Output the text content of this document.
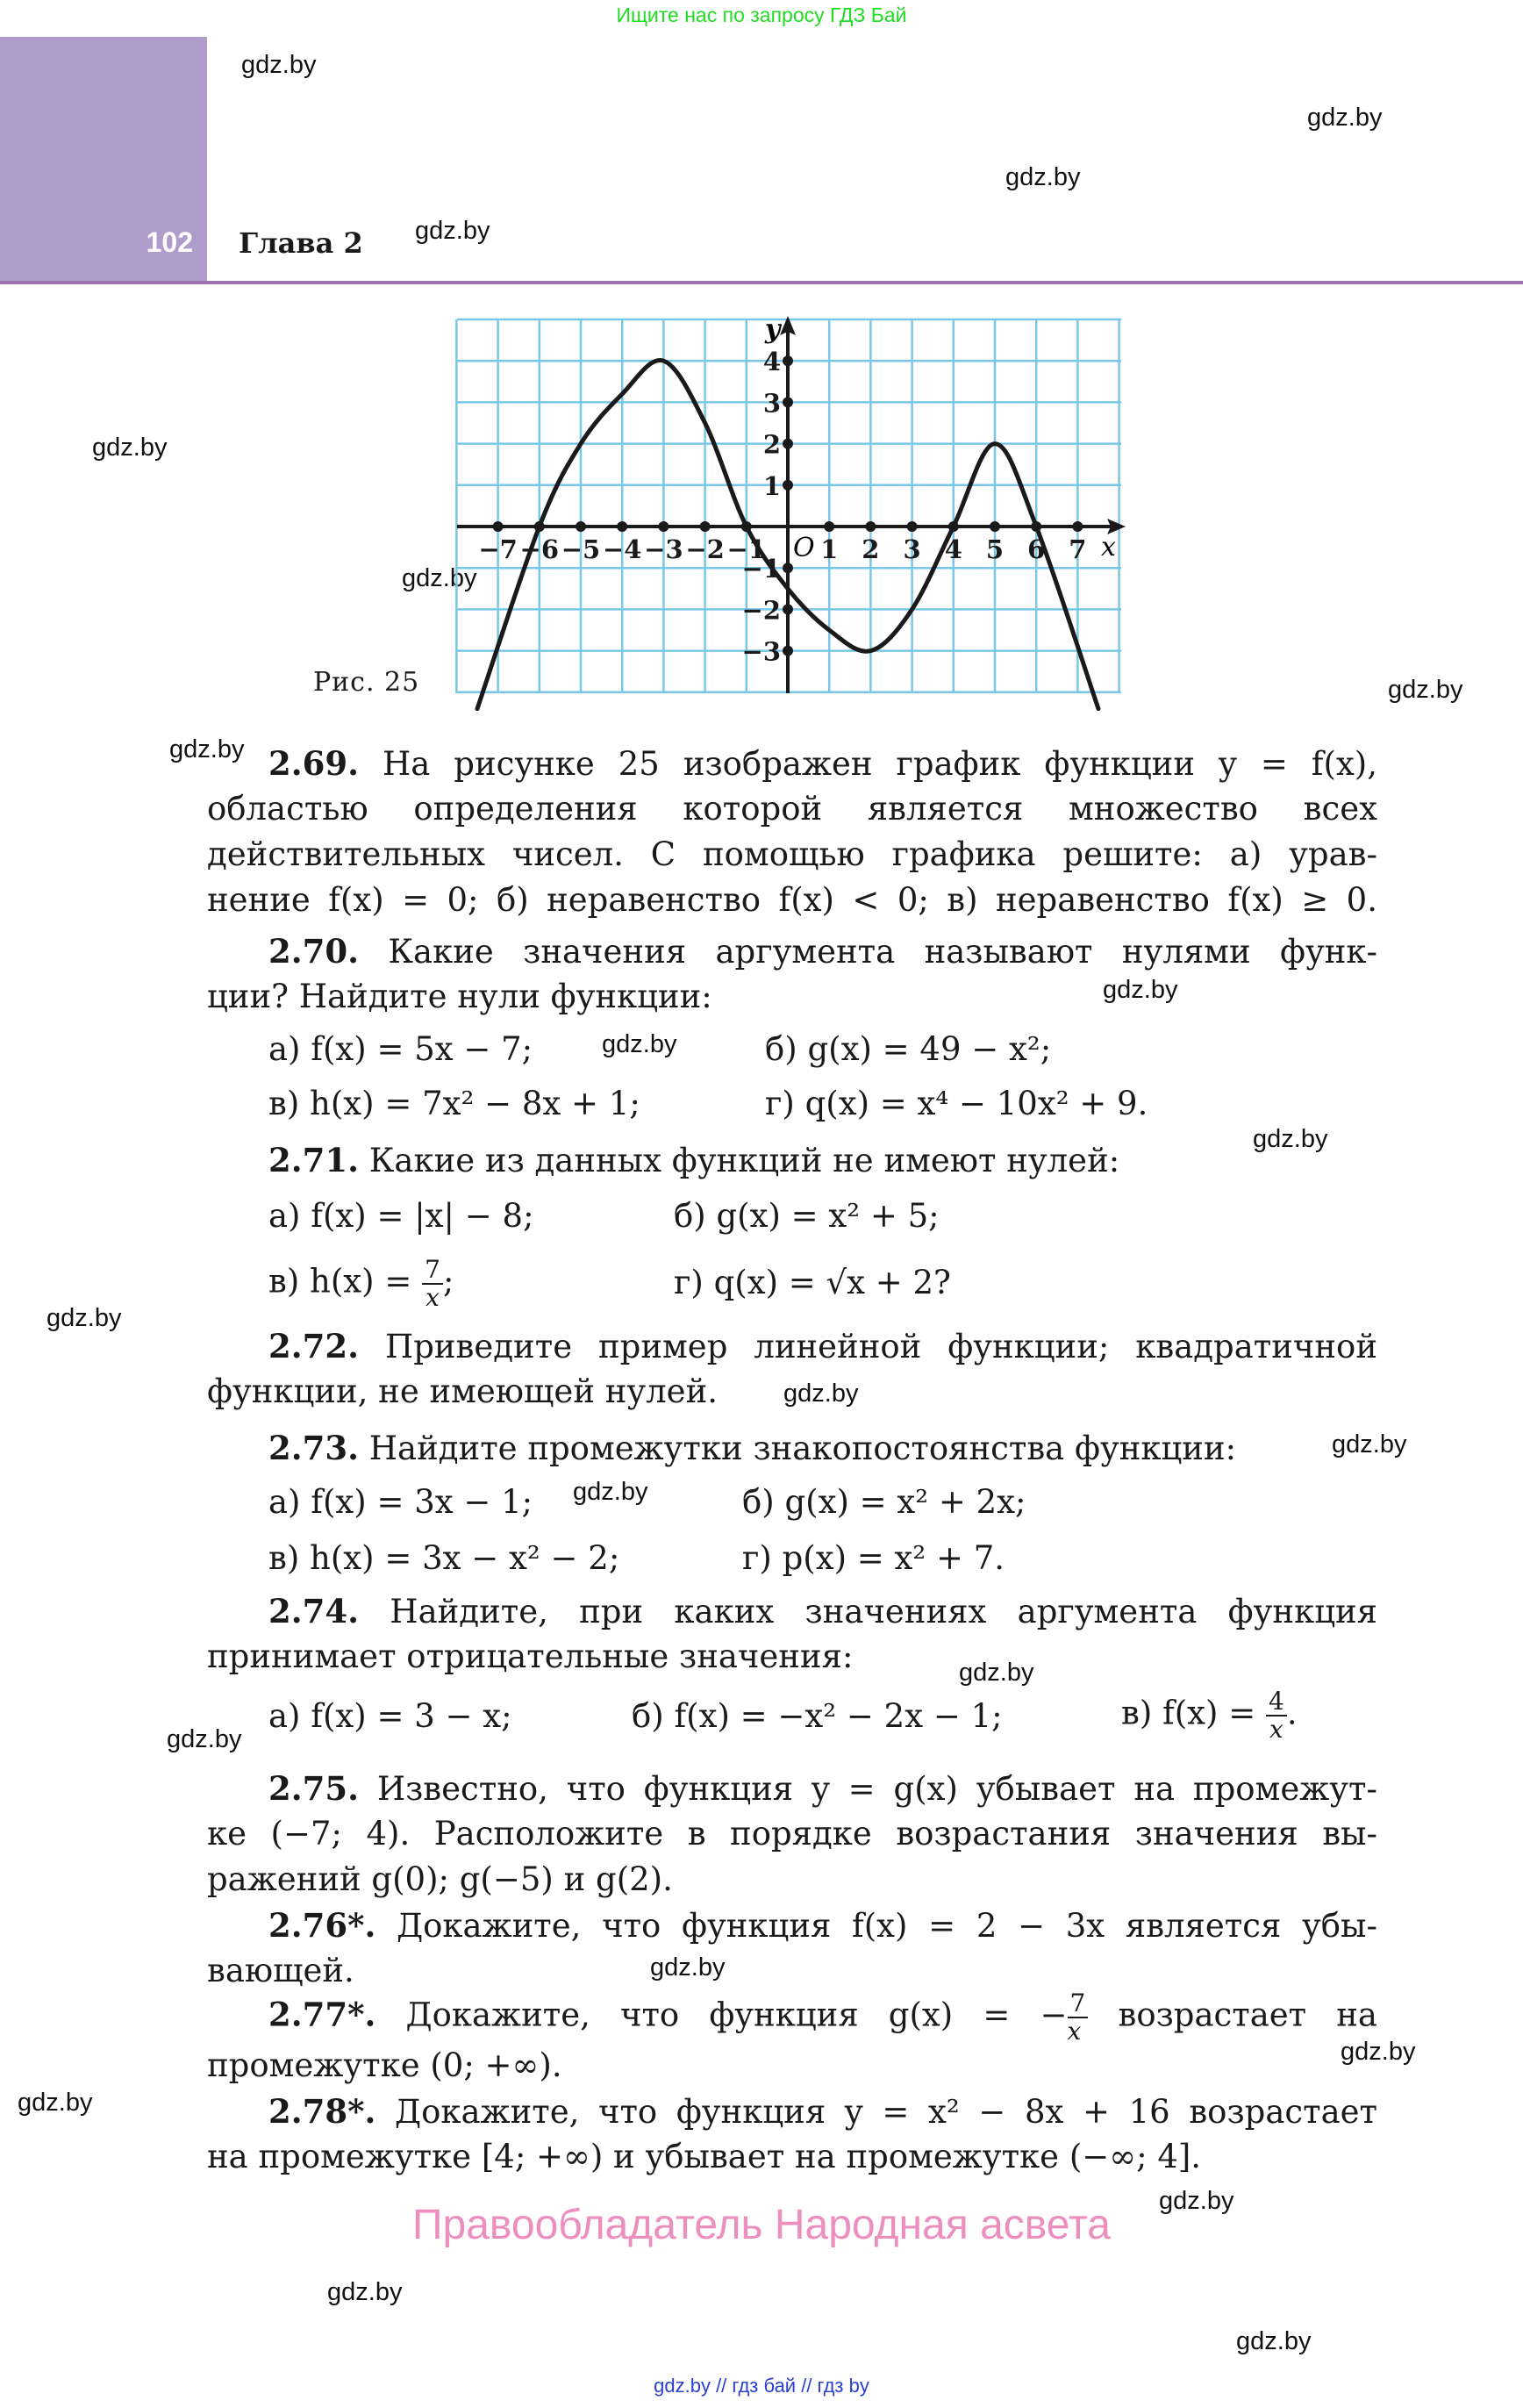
Ищите нас по запросу ГДЗ Бай
102 Глава 2
gdz.by
gdz.by
gdz.by
gdz.by
gdz.by
gdz.by
gdz.by
gdz.by
gdz.by
gdz.by
gdz.by
gdz.by
gdz.by
gdz.by
gdz.by
gdz.by
gdz.by
gdz.by
gdz.by
gdz.by
gdz.by
gdz.by
gdz.by
−7 −6 −5 −4 −3 −2 −1 1 2 3 4 5 6 7
4
3
2
1
−1
−2
−3
x
y
O
Рис. 25
2.69. На рисунке 25 изображен график функции y = f(x),
областью определения которой является множество всех
действительных чисел. С помощью графика решите: а) урав-
нение f(x) = 0; б) неравенство f(x) < 0; в) неравенство f(x) ≥ 0.
2.70. Какие значения аргумента называют нулями функ-
ции? Найдите нули функции:
а) f(x) = 5x − 7;	б) g(x) = 49 − x²;
в) h(x) = 7x² − 8x + 1;	г) q(x) = x⁴ − 10x² + 9.
2.71. Какие из данных функций не имеют нулей:
а) f(x) = |x| − 8;	б) g(x) = x² + 5;
в) $h(x) = \frac{7}{x}$ ;	г) q(x) = √x + 2?
2.72. Приведите пример линейной функции; квадратичной
функции, не имеющей нулей.
2.73. Найдите промежутки знакопостоянства функции:
а) f(x) = 3x − 1;	б) g(x) = x² + 2x;
в) h(x) = 3x − x² − 2;	г) p(x) = x² + 7.
2.74. Найдите, при каких значениях аргумента функция
принимает отрицательные значения:
а) f(x) = 3 − x;	б) f(x) = −x² − 2x − 1;	в) $f(x) = \frac{4}{x}$ .
2.75. Известно, что функция y = g(x) убывает на промежут-
ке (−7; 4). Расположите в порядке возрастания значения вы-
ражений g(0); g(−5) и g(2).
2.76*. Докажите, что функция f(x) = 2 − 3x является убы-
вающей.
2.77*. Докажите, что функция g(x) = − $\frac{7}{x}$ возрастает на
промежутке (0; +∞).
2.78*. Докажите, что функция y = x² − 8x + 16 возрастает
на промежутке [4; +∞) и убывает на промежутке (−∞; 4].
Правообладатель Народная асвета
gdz.by // гдз бай // гдз by
